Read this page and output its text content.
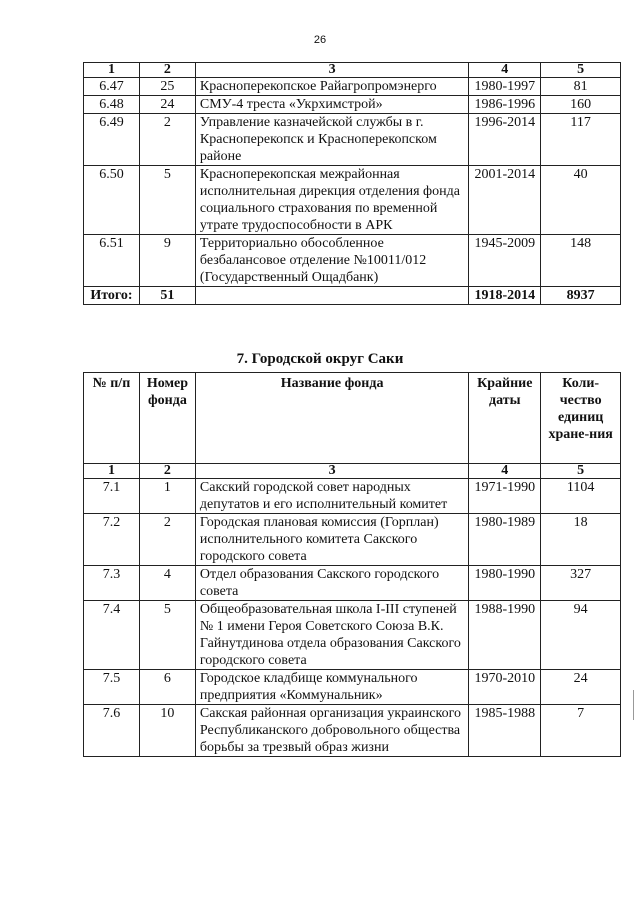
26
1	2	3	4	5
6.47	25	Красноперекопское Райагропромэнерго	1980-1997	81
6.48	24	СМУ-4 треста «Укрхимстрой»	1986-1996	160
6.49	2	Управление казначейской службы в г. Красноперекопск и Красноперекопском районе	1996-2014	117
6.50	5	Красноперекопская межрайонная исполнительная дирекция отделения фонда социального страхования по временной утрате трудоспособности в АРК	2001-2014	40
6.51	9	Территориально обособленное безбалансовое отделение №10011/012 (Государственный Ощадбанк)	1945-2009	148
Итого:	51		1918-2014	8937
7. Городской округ Саки
№ п/п	Номер фонда	Название фонда	Крайние даты	Коли-чество единиц хране-ния
1	2	3	4	5
7.1	1	Сакский городской совет народных депутатов и его исполнительный комитет	1971-1990	1104
7.2	2	Городская плановая комиссия (Горплан) исполнительного комитета Сакского городского совета	1980-1989	18
7.3	4	Отдел образования Сакского городского совета	1980-1990	327
7.4	5	Общеобразовательная школа I-III ступеней № 1 имени Героя Советского Союза В.К. Гайнутдинова отдела образования Сакского городского совета	1988-1990	94
7.5	6	Городское кладбище коммунального предприятия «Коммунальник»	1970-2010	24
7.6	10	Сакская районная организация украинского Республиканского добровольного общества борьбы за трезвый образ жизни	1985-1988	7
